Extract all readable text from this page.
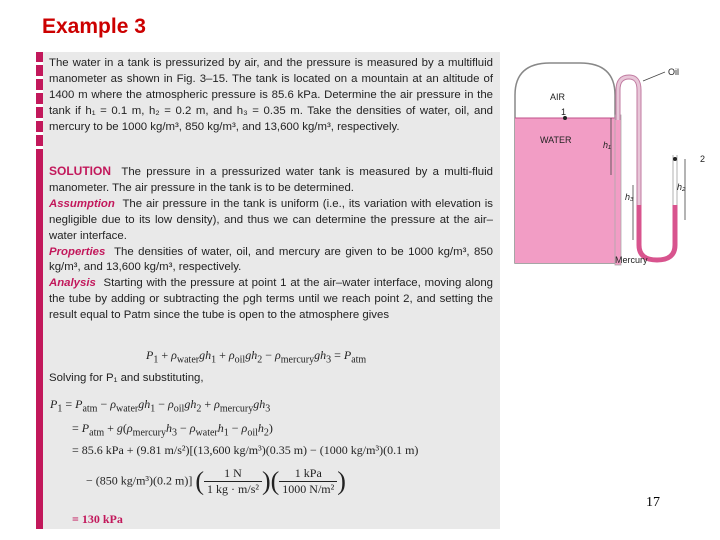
Example 3

The water in a tank is pressurized by air, and the pressure is measured by a multifluid manometer as shown in Fig. 3–15. The tank is located on a mountain at an altitude of 1400 m where the atmospheric pressure is 85.6 kPa. Determine the air pressure in the tank if h₁ = 0.1 m, h₂ = 0.2 m, and h₃ = 0.35 m. Take the densities of water, oil, and mercury to be 1000 kg/m³, 850 kg/m³, and 13,600 kg/m³, respectively.

SOLUTION The pressure in a pressurized water tank is measured by a multi-fluid manometer. The air pressure in the tank is to be determined.

Assumption The air pressure in the tank is uniform (i.e., its variation with elevation is negligible due to its low density), and thus we can determine the pressure at the air–water interface.

Properties The densities of water, oil, and mercury are given to be 1000 kg/m³, 850 kg/m³, and 13,600 kg/m³, respectively.

Analysis Starting with the pressure at point 1 at the air–water interface, moving along the tube by adding or subtracting the ρgh terms until we reach point 2, and setting the result equal to Patm since the tube is open to the atmosphere gives

$P_1 + \rho_{water}gh_1 + \rho_{oil}gh_2 - \rho_{mercury}gh_3 = P_{atm}$

Solving for P₁ and substituting,

$P_1 = P_{atm} - \rho_{water}gh_1 - \rho_{oil}gh_2 + \rho_{mercury}gh_3$
= $P_{atm} + g(\rho_{mercury}h_3 - \rho_{water}h_1 - \rho_{oil}h_2)$
= 85.6 kPa + (9.81 m/s²)[(13,600 kg/m³)(0.35 m) − (1000 kg/m³)(0.1 m)
− (850 kg/m³)(0.2 m)] ( $\frac{1 N}{\text{1 kg · m/s²}}$ )( $\frac{\text{1 kPa}}{\text{1000 N/m²}}$ )
= 130 kPa
AIR
WATER
1
2
Oil
Mercury
h₁
h₃
h₂
17
